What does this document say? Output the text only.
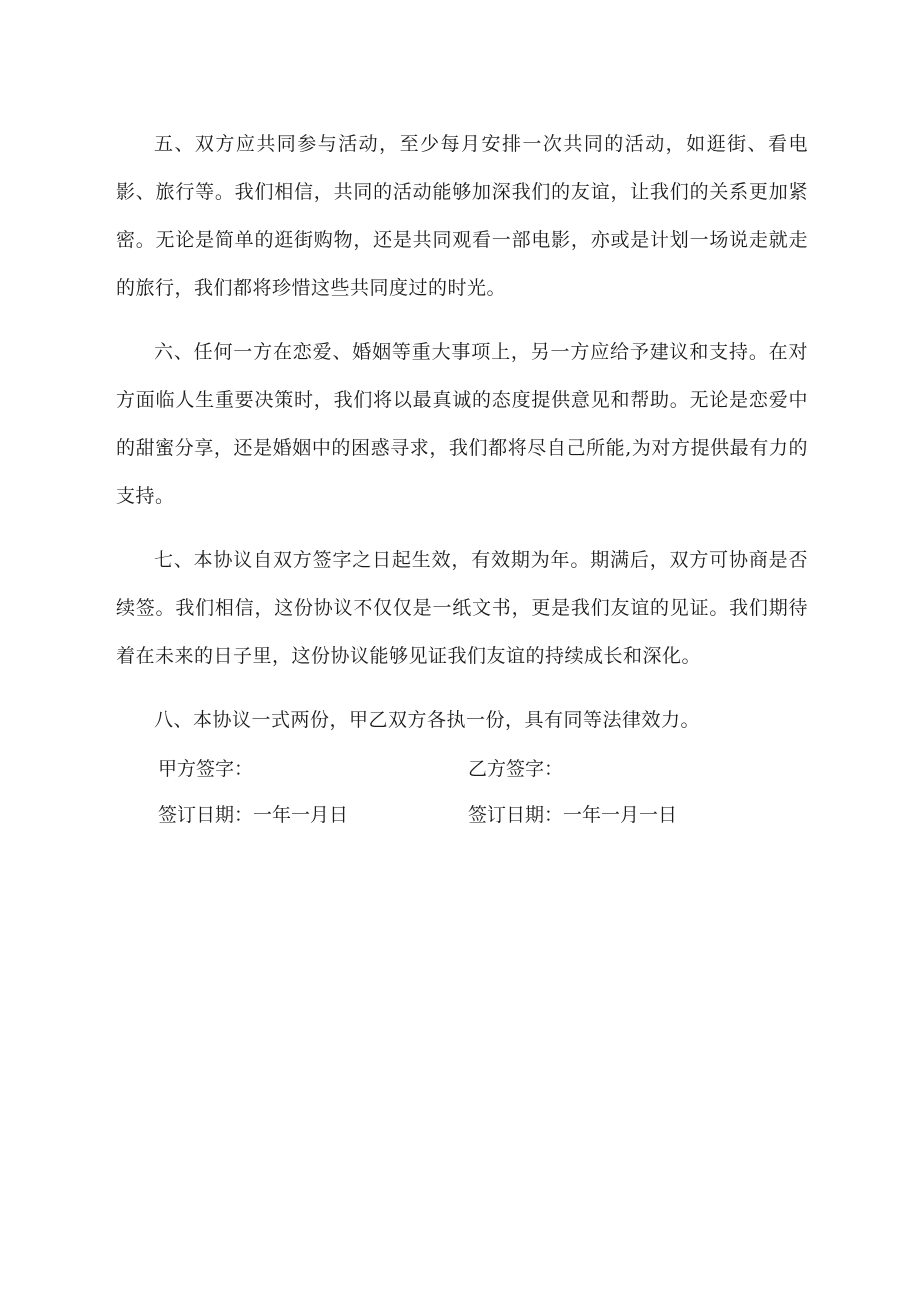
五、双方应共同参与活动，至少每月安排一次共同的活动，如逛街、看电影、旅行等。我们相信，共同的活动能够加深我们的友谊，让我们的关系更加紧密。无论是简单的逛街购物，还是共同观看一部电影，亦或是计划一场说走就走的旅行，我们都将珍惜这些共同度过的时光。

六、任何一方在恋爱、婚姻等重大事项上，另一方应给予建议和支持。在对方面临人生重要决策时，我们将以最真诚的态度提供意见和帮助。无论是恋爱中的甜蜜分享，还是婚姻中的困惑寻求，我们都将尽自己所能,为对方提供最有力的支持。

七、本协议自双方签字之日起生效，有效期为年。期满后，双方可协商是否续签。我们相信，这份协议不仅仅是一纸文书，更是我们友谊的见证。我们期待着在未来的日子里，这份协议能够见证我们友谊的持续成长和深化。

八、本协议一式两份，甲乙双方各执一份，具有同等法律效力。

甲方签字：	乙方签字：
签订日期：一年一月日	签订日期：一年一月一日
